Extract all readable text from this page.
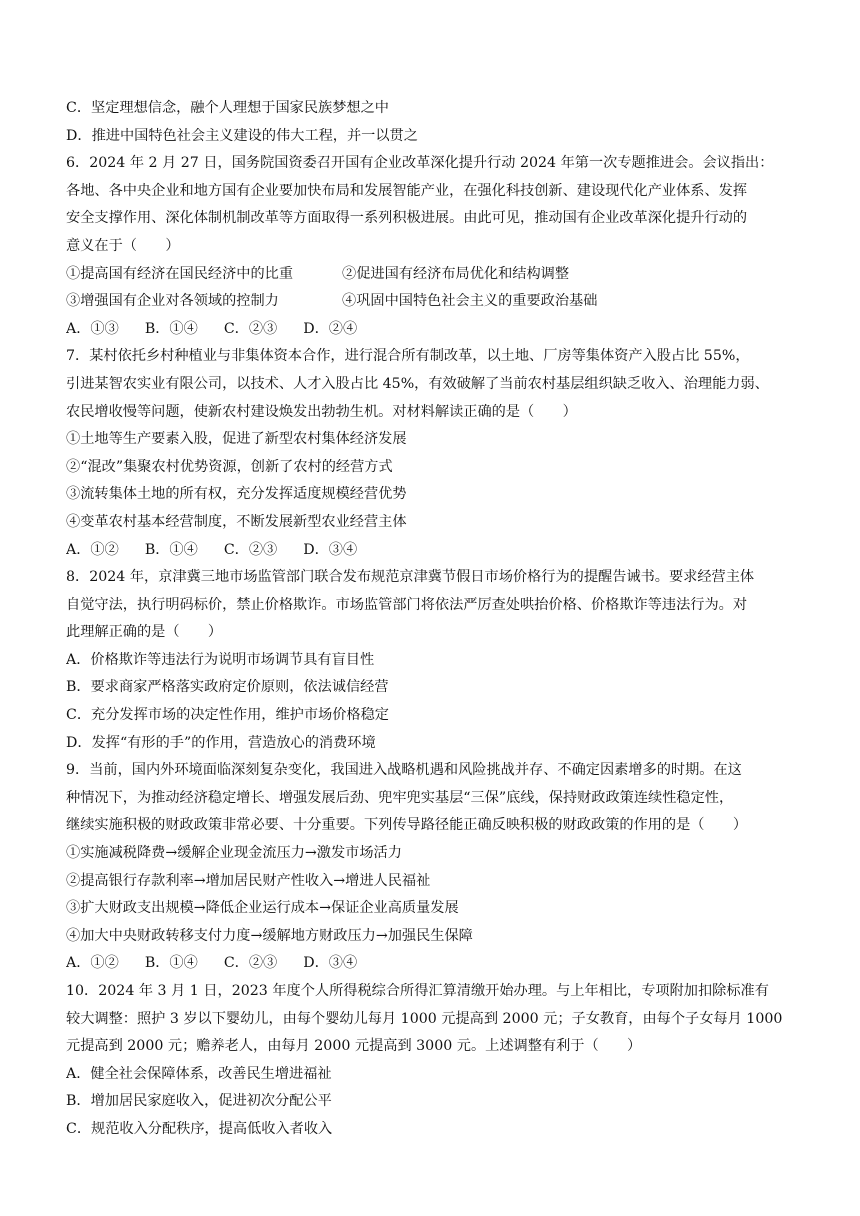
C．坚定理想信念，融个人理想于国家民族梦想之中
D．推进中国特色社会主义建设的伟大工程，并一以贯之
6．2024 年 2 月 27 日，国务院国资委召开国有企业改革深化提升行动 2024 年第一次专题推进会。会议指出：
各地、各中央企业和地方国有企业要加快布局和发展智能产业，在强化科技创新、建设现代化产业体系、发挥
安全支撑作用、深化体制机制改革等方面取得一系列积极进展。由此可见，推动国有企业改革深化提升行动的
意义在于（　　）
①提高国有经济在国民经济中的比重	②促进国有经济布局优化和结构调整
③增强国有企业对各领域的控制力	④巩固中国特色社会主义的重要政治基础
A．①③ B．①④ C．②③ D．②④
7．某村依托乡村种植业与非集体资本合作，进行混合所有制改革，以土地、厂房等集体资产入股占比 55%，
引进某智农实业有限公司，以技术、人才入股占比 45%，有效破解了当前农村基层组织缺乏收入、治理能力弱、
农民增收慢等问题，使新农村建设焕发出勃勃生机。对材料解读正确的是（　　）
①土地等生产要素入股，促进了新型农村集体经济发展
②“混改”集聚农村优势资源，创新了农村的经营方式
③流转集体土地的所有权，充分发挥适度规模经营优势
④变革农村基本经营制度，不断发展新型农业经营主体
A．①② B．①④ C．②③ D．③④
8．2024 年，京津冀三地市场监管部门联合发布规范京津冀节假日市场价格行为的提醒告诫书。要求经营主体
自觉守法，执行明码标价，禁止价格欺诈。市场监管部门将依法严厉查处哄抬价格、价格欺诈等违法行为。对
此理解正确的是（　　）
A．价格欺诈等违法行为说明市场调节具有盲目性
B．要求商家严格落实政府定价原则，依法诚信经营
C．充分发挥市场的决定性作用，维护市场价格稳定
D．发挥“有形的手”的作用，营造放心的消费环境
9．当前，国内外环境面临深刻复杂变化，我国进入战略机遇和风险挑战并存、不确定因素增多的时期。在这
种情况下，为推动经济稳定增长、增强发展后劲、兜牢兜实基层“三保”底线，保持财政政策连续性稳定性，
继续实施积极的财政政策非常必要、十分重要。下列传导路径能正确反映积极的财政政策的作用的是（　　）
①实施减税降费→缓解企业现金流压力→激发市场活力
②提高银行存款利率→增加居民财产性收入→增进人民福祉
③扩大财政支出规模→降低企业运行成本→保证企业高质量发展
④加大中央财政转移支付力度→缓解地方财政压力→加强民生保障
A．①② B．①④ C．②③ D．③④
10．2024 年 3 月 1 日，2023 年度个人所得税综合所得汇算清缴开始办理。与上年相比，专项附加扣除标准有
较大调整：照护 3 岁以下婴幼儿，由每个婴幼儿每月 1000 元提高到 2000 元；子女教育，由每个子女每月 1000
元提高到 2000 元；赡养老人，由每月 2000 元提高到 3000 元。上述调整有利于（　　）
A．健全社会保障体系，改善民生增进福祉
B．增加居民家庭收入，促进初次分配公平
C．规范收入分配秩序，提高低收入者收入
